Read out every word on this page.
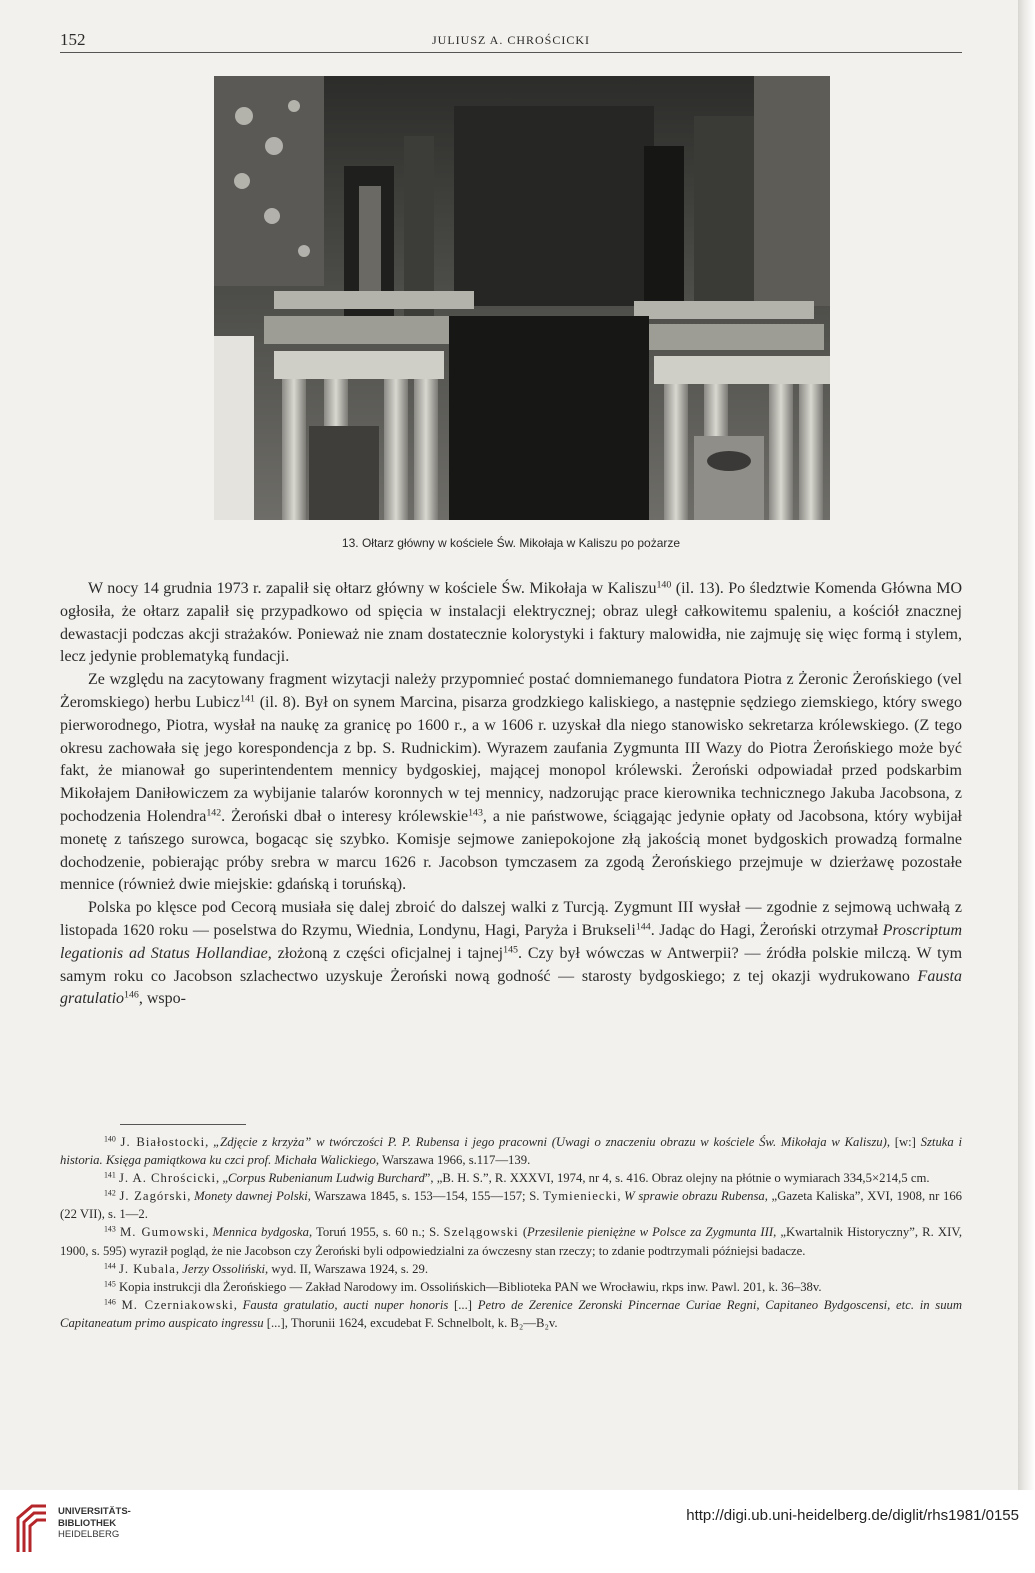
152	JULIUSZ A. CHROŚCICKI
13. Ołtarz główny w kościele Św. Mikołaja w Kaliszu po pożarze

W nocy 14 grudnia 1973 r. zapalił się ołtarz główny w kościele Św. Mikołaja w Kaliszu$^{140}$ (il. 13). Po śledztwie Komenda Główna MO ogłosiła, że ołtarz zapalił się przypadkowo od spięcia w instalacji elektrycznej; obraz uległ całkowitemu spaleniu, a kościół znacznej dewastacji podczas akcji strażaków. Ponieważ nie znam dostatecznie kolorystyki i faktury malowidła, nie zajmuję się więc formą i stylem, lecz jedynie problematyką fundacji.

Ze względu na zacytowany fragment wizytacji należy przypomnieć postać domniemanego fundatora Piotra z Żeronic Żerońskiego (vel Żeromskiego) herbu Lubicz$^{141}$ (il. 8). Był on synem Marcina, pisarza grodzkiego kaliskiego, a następnie sędziego ziemskiego, który swego pierworodnego, Piotra, wysłał na naukę za granicę po 1600 r., a w 1606 r. uzyskał dla niego stanowisko sekretarza królewskiego. (Z tego okresu zachowała się jego korespondencja z bp. S. Rudnickim). Wyrazem zaufania Zygmunta III Wazy do Piotra Żerońskiego może być fakt, że mianował go superintendentem mennicy bydgoskiej, mającej monopol królewski. Żeroński odpowiadał przed podskarbim Mikołajem Daniłowiczem za wybijanie talarów koronnych w tej mennicy, nadzorując prace kierownika technicznego Jakuba Jacobsona, z pochodzenia Holendra$^{142}$. Żeroński dbał o interesy królewskie$^{143}$, a nie państwowe, ściągając jedynie opłaty od Jacobsona, który wybijał monetę z tańszego surowca, bogacąc się szybko. Komisje sejmowe zaniepokojone złą jakością monet bydgoskich prowadzą formalne dochodzenie, pobierając próby srebra w marcu 1626 r. Jacobson tymczasem za zgodą Żerońskiego przejmuje w dzierżawę pozostałe mennice (również dwie miejskie: gdańską i toruńską).

Polska po klęsce pod Cecorą musiała się dalej zbroić do dalszej walki z Turcją. Zygmunt III wysłał — zgodnie z sejmową uchwałą z listopada 1620 roku — poselstwa do Rzymu, Wiednia, Londynu, Hagi, Paryża i Brukseli$^{144}$. Jadąc do Hagi, Żeroński otrzymał Proscriptum legationis ad Status Hollandiae, złożoną z części oficjalnej i tajnej$^{145}$. Czy był wówczas w Antwerpii? — źródła polskie milczą. W tym samym roku co Jacobson szlachectwo uzyskuje Żeroński nową godność — starosty bydgoskiego; z tej okazji wydrukowano Fausta gratulatio$^{146}$, wspo-

$^{140}$ J. Białostocki, „Zdjęcie z krzyża” w twórczości P. P. Rubensa i jego pracowni (Uwagi o znaczeniu obrazu w kościele Św. Mikołaja w Kaliszu), [w:] Sztuka i historia. Księga pamiątkowa ku czci prof. Michała Walickiego, Warszawa 1966, s.117—139.

$^{141}$ J. A. Chrościcki, „Corpus Rubenianum Ludwig Burchard”, „B. H. S.”, R. XXXVI, 1974, nr 4, s. 416. Obraz olejny na płótnie o wymiarach 334,5×214,5 cm.

$^{142}$ J. Zagórski, Monety dawnej Polski, Warszawa 1845, s. 153—154, 155—157; S. Tymieniecki, W sprawie obrazu Rubensa, „Gazeta Kaliska”, XVI, 1908, nr 166 (22 VII), s. 1—2.

$^{143}$ M. Gumowski, Mennica bydgoska, Toruń 1955, s. 60 n.; S. Szelągowski (Przesilenie pieniężne w Polsce za Zygmunta III, „Kwartalnik Historyczny”, R. XIV, 1900, s. 595) wyraził pogląd, że nie Jacobson czy Żeroński byli odpowiedzialni za ówczesny stan rzeczy; to zdanie podtrzymali późniejsi badacze.

$^{144}$ J. Kubala, Jerzy Ossoliński, wyd. II, Warszawa 1924, s. 29.

$^{145}$ Kopia instrukcji dla Żerońskiego — Zakład Narodowy im. Ossolińskich—Biblioteka PAN we Wrocławiu, rkps inw. Pawl. 201, k. 36–38v.

$^{146}$ M. Czerniakowski, Fausta gratulatio, aucti nuper honoris [...] Petro de Zerenice Zeronski Pincernae Curiae Regni, Capitaneo Bydgoscensi, etc. in suum Capitaneatum primo auspicato ingressu [...], Thorunii 1624, excudebat F. Schnelbolt, k. B₂—B₂v.

UNIVERSITÄTS-
BIBLIOTHEK
HEIDELBERG
http://digi.ub.uni-heidelberg.de/diglit/rhs1981/0155
